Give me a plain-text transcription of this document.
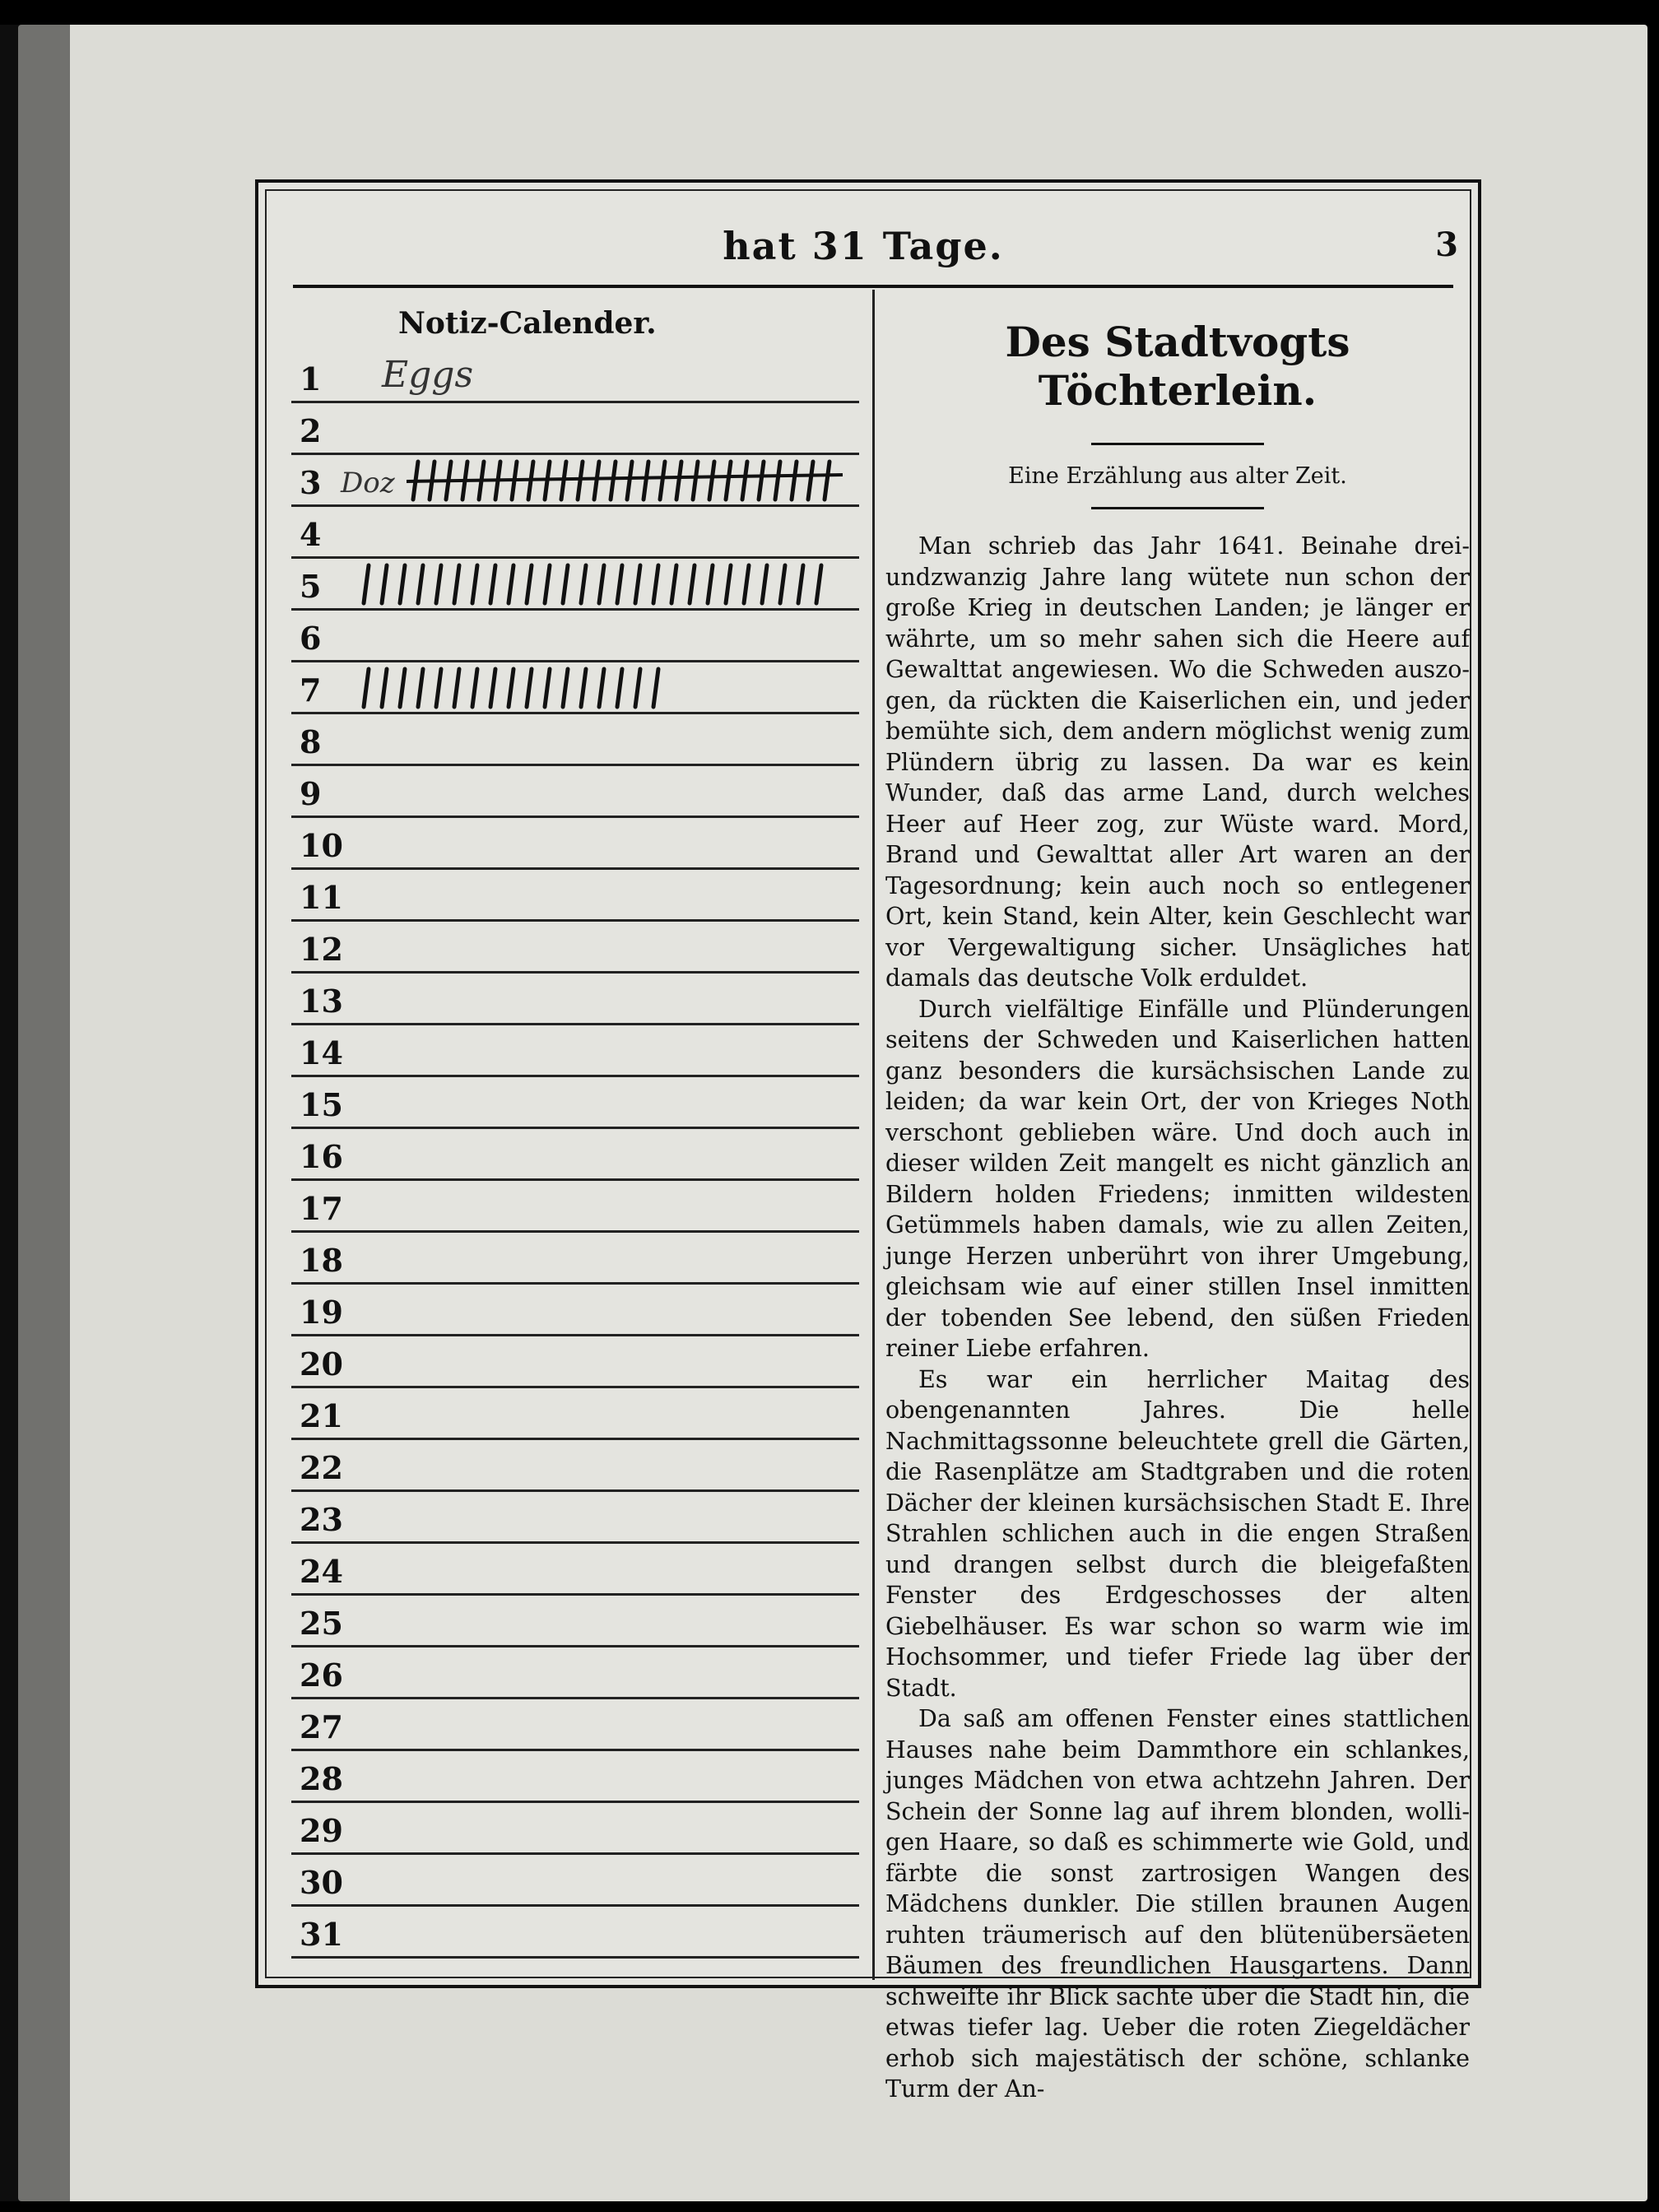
hat 31 Tage.	3
Notiz-Calender.
1 Eggs
2
3 Doz
4
5
6
7
8
9
10
11
12
13
14
15
16
17
18
19
20
21
22
23
24
25
26
27
28
29
30
31
Des Stadtvogts Töchterlein.
Eine Erzählung aus alter Zeit.

Man schrieb das Jahr 1641. Beinahe dreiundzwanzig Jahre lang wütete nun schon der große Krieg in deutschen Landen; je länger er währte, um so mehr sahen sich die Heere auf Gewalttat angewiesen. Wo die Schweden auszogen, da rückten die Kaiserlichen ein, und jeder bemühte sich, dem andern möglichst wenig zum Plündern übrig zu lassen. Da war es kein Wunder, daß das arme Land, durch welches Heer auf Heer zog, zur Wüste ward. Mord, Brand und Gewalttat aller Art waren an der Tagesordnung; kein auch noch so entlegener Ort, kein Stand, kein Alter, kein Geschlecht war vor Vergewaltigung sicher. Unsägliches hat damals das deutsche Volk erduldet.

Durch vielfältige Einfälle und Plünderungen seitens der Schweden und Kaiserlichen hatten ganz besonders die kursächsischen Lande zu leiden; da war kein Ort, der von Krieges Noth verschont geblieben wäre. Und doch auch in dieser wilden Zeit mangelt es nicht gänzlich an Bildern holden Friedens; inmitten wildesten Getümmels haben damals, wie zu allen Zeiten, junge Herzen unberührt von ihrer Umgebung, gleichsam wie auf einer stillen Insel inmitten der tobenden See lebend, den süßen Frieden reiner Liebe erfahren.

Es war ein herrlicher Maitag des obengenannten Jahres. Die helle Nachmittagssonne beleuchtete grell die Gärten, die Rasenplätze am Stadtgraben und die roten Dächer der kleinen kursächsischen Stadt E. Ihre Strahlen schlichen auch in die engen Straßen und drangen selbst durch die bleigefaßten Fenster des Erdgeschosses der alten Giebelhäuser. Es war schon so warm wie im Hochsommer, und tiefer Friede lag über der Stadt.

Da saß am offenen Fenster eines stattlichen Hauses nahe beim Dammthore ein schlankes, junges Mädchen von etwa achtzehn Jahren. Der Schein der Sonne lag auf ihrem blonden, wolligen Haare, so daß es schimmerte wie Gold, und färbte die sonst zartrosigen Wangen des Mädchens dunkler. Die stillen braunen Augen ruhten träumerisch auf den blütenübersäeten Bäumen des freundlichen Hausgartens. Dann schweifte ihr Blick sachte über die Stadt hin, die etwas tiefer lag. Ueber die roten Ziegeldächer erhob sich majestätisch der schöne, schlanke Turm der An-
